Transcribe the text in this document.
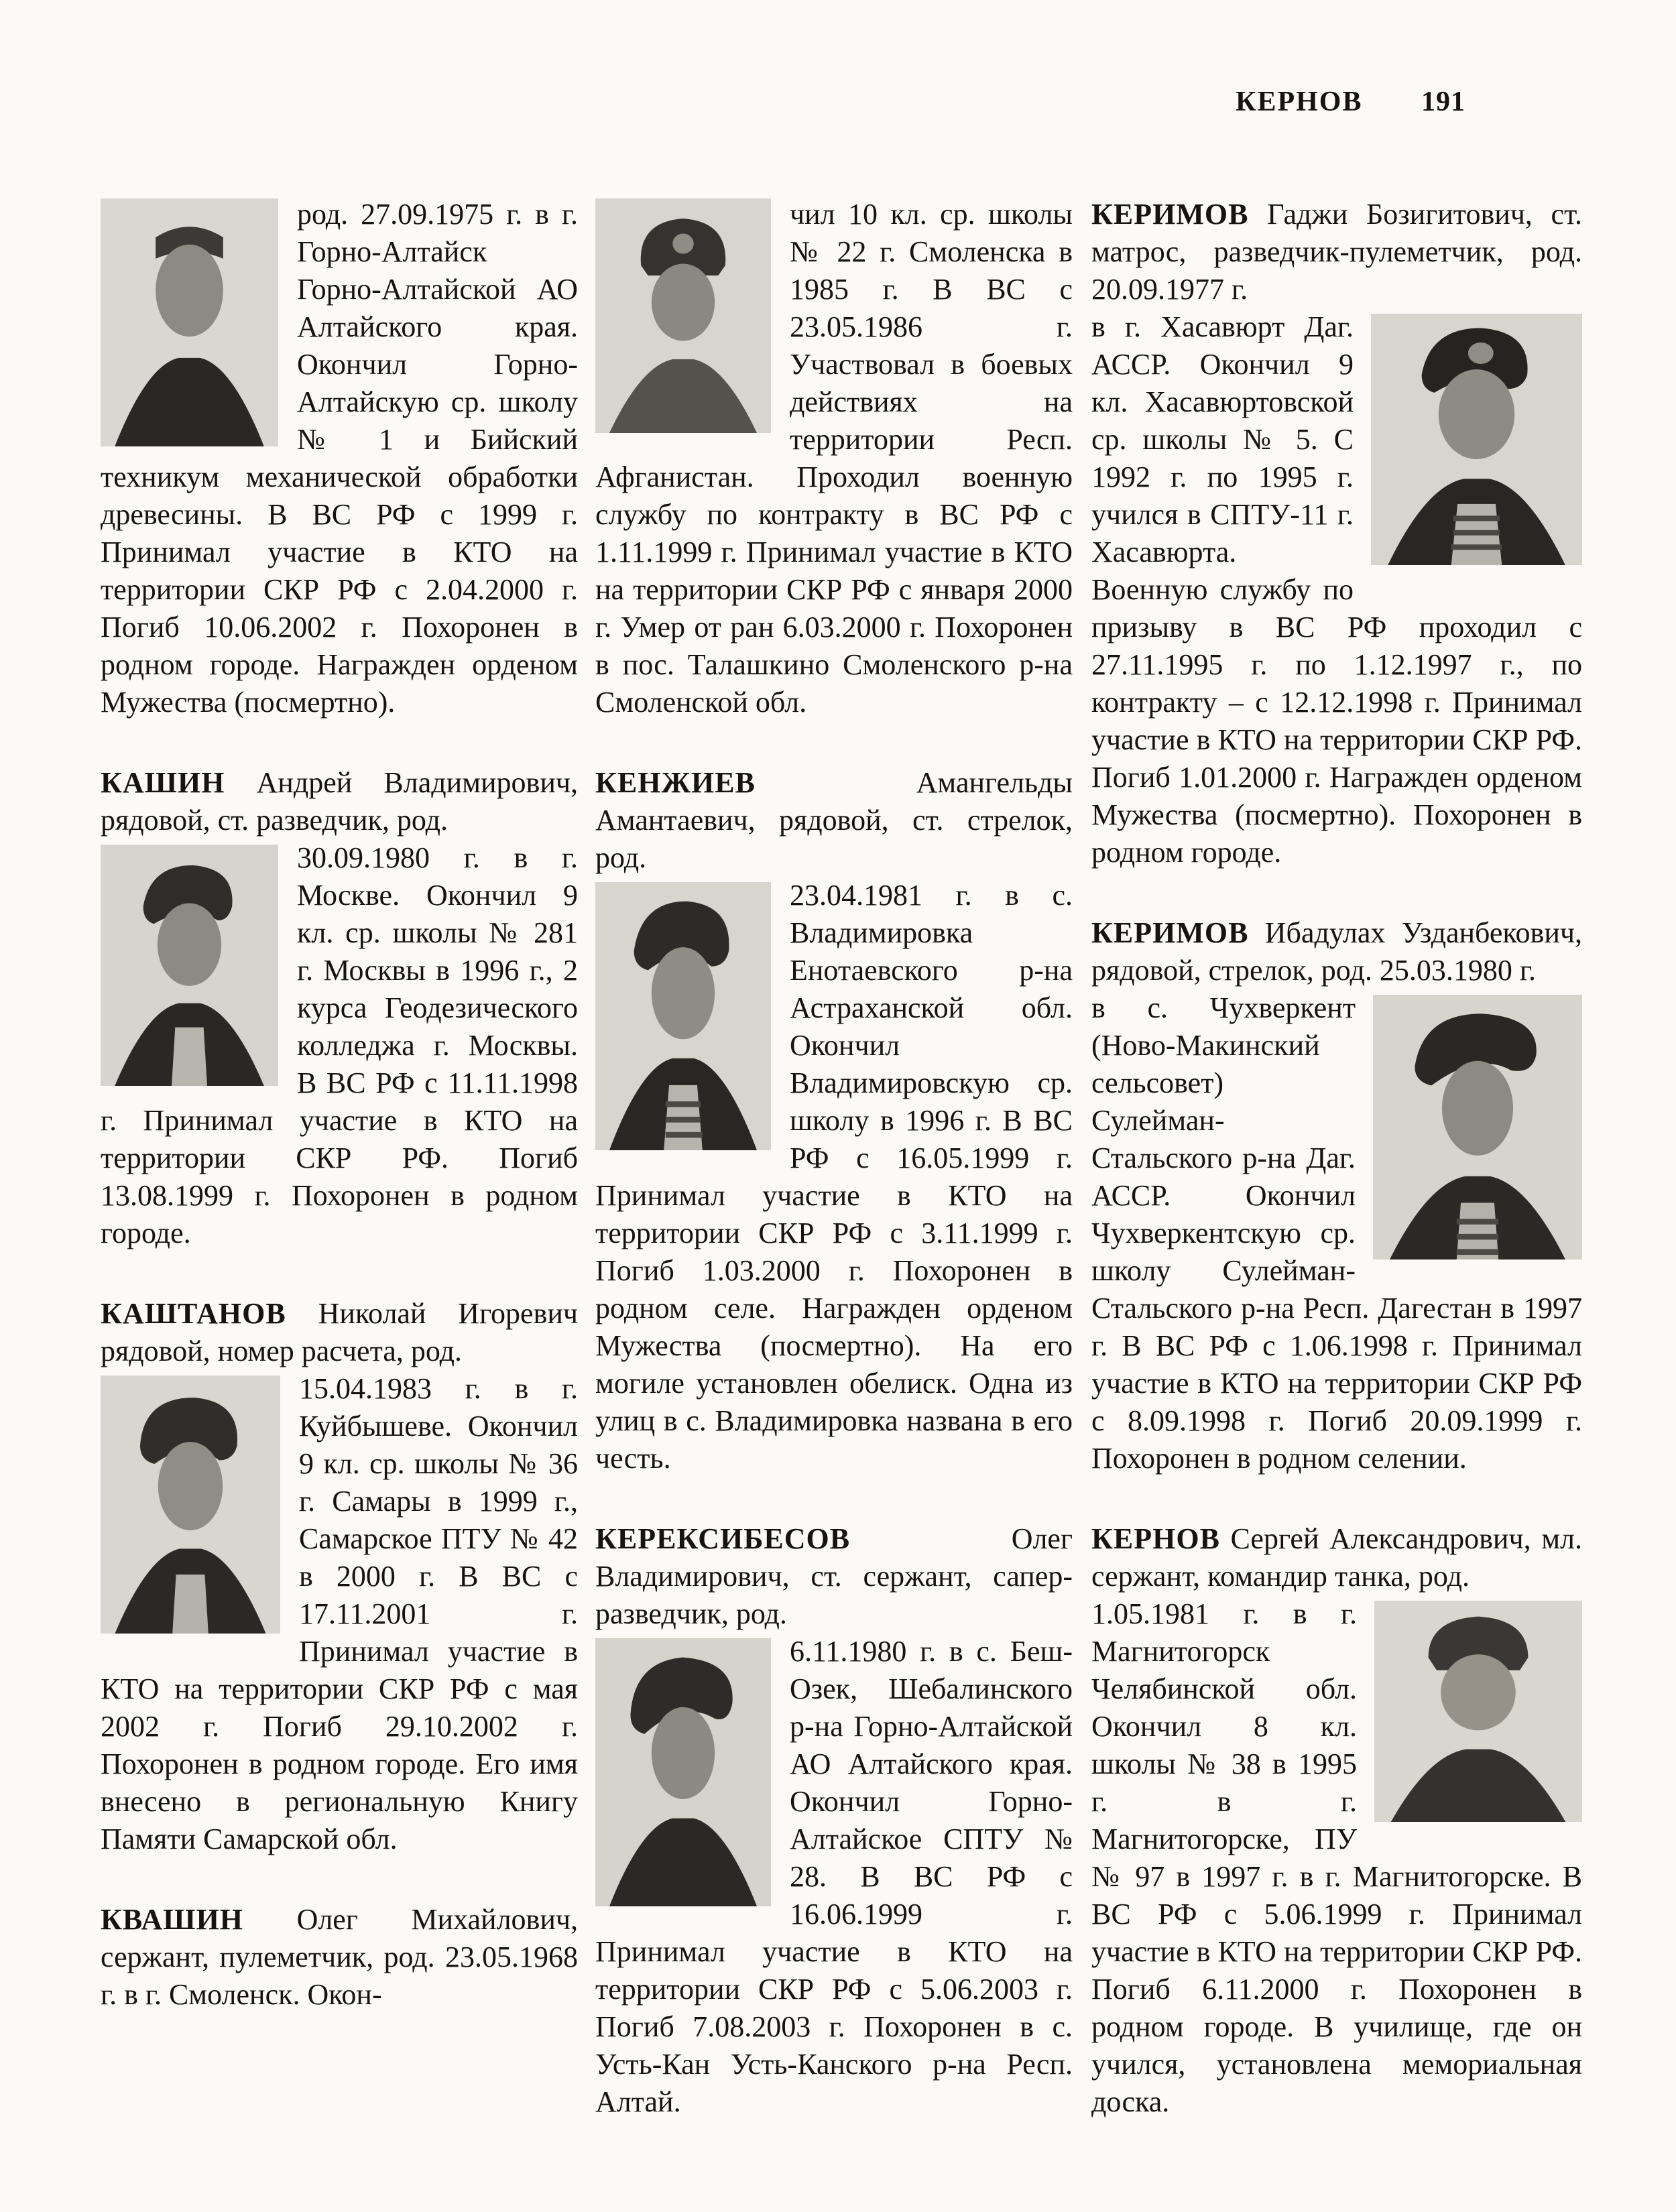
КЕРНОВ 191

род. 27.09.1975 г. в г. Горно-Алтайск Горно-Алтайской АО Алтайского края. Окончил Горно-Алтайскую ср. школу № 1 и Бийский техникум механической обработки древесины. В ВС РФ с 1999 г. Принимал участие в КТО на территории СКР РФ с 2.04.2000 г. Погиб 10.06.2002 г. Похоронен в родном городе. Награжден орденом Мужества (посмертно).

КАШИН Андрей Владимирович, рядовой, ст. разведчик, род.

30.09.1980 г. в г. Москве. Окончил 9 кл. ср. школы № 281 г. Москвы в 1996 г., 2 курса Геодезического колледжа г. Москвы. В ВС РФ с 11.11.1998 г. Принимал участие в КТО на территории СКР РФ. Погиб 13.08.1999 г. Похоронен в родном городе.

КАШТАНОВ Николай Игоревич рядовой, номер расчета, род.

15.04.1983 г. в г. Куйбышеве. Окончил 9 кл. ср. школы № 36 г. Самары в 1999 г., Самарское ПТУ № 42 в 2000 г. В ВС с 17.11.2001 г. Принимал участие в КТО на территории СКР РФ с мая 2002 г. Погиб 29.10.2002 г. Похоронен в родном городе. Его имя внесено в региональную Книгу Памяти Самарской обл.

КВАШИН Олег Михайлович, сержант, пулеметчик, род. 23.05.1968 г. в г. Смоленск. Окон-

чил 10 кл. ср. школы № 22 г. Смоленска в 1985 г. В ВС с 23.05.1986 г. Участвовал в боевых действиях на территории Респ. Афганистан. Проходил военную службу по контракту в ВС РФ с 1.11.1999 г. Принимал участие в КТО на территории СКР РФ с января 2000 г. Умер от ран 6.03.2000 г. Похоронен в пос. Талашкино Смоленского р-на Смоленской обл.

КЕНЖИЕВ	Амангельды Амантаевич, рядовой, ст. стрелок, род.

23.04.1981 г. в с. Владимировка Енотаевского р-на Астраханской обл. Окончил Владимировскую ср. школу в 1996 г. В ВС РФ с 16.05.1999 г. Принимал участие в КТО на территории СКР РФ с 3.11.1999 г. Погиб 1.03.2000 г. Похоронен в родном селе. Награжден орденом Мужества (посмертно). На его могиле установлен обелиск. Одна из улиц в с. Владимировка названа в его честь.

КЕРЕКСИБЕСОВ	Олег Владимирович, ст. сержант, сапер-разведчик, род.

6.11.1980 г. в с. Беш-Озек, Шебалинского р-на Горно-Алтайской АО Алтайского края. Окончил Горно-Алтайское СПТУ № 28. В ВС РФ с 16.06.1999 г. Принимал участие в КТО на территории СКР РФ с 5.06.2003 г. Погиб 7.08.2003 г. Похоронен в с. Усть-Кан Усть-Канского р-на Респ. Алтай.

КЕРИМОВ Гаджи Бозигитович, ст. матрос, разведчик-пулеметчик, род. 20.09.1977 г.

в г. Хасавюрт Даг. АССР. Окончил 9 кл. Хасавюртовской ср. школы № 5. С 1992 г. по 1995 г. учился в СПТУ-11 г. Хасавюрта. Военную службу по призыву в ВС РФ проходил с 27.11.1995 г. по 1.12.1997 г., по контракту – с 12.12.1998 г. Принимал участие в КТО на территории СКР РФ. Погиб 1.01.2000 г. Награжден орденом Мужества (посмертно). Похоронен в родном городе.

КЕРИМОВ Ибадулах Узданбекович, рядовой, стрелок, род. 25.03.1980 г.

в с. Чухверкент (Ново-Макинский сельсовет) Сулейман-Стальского р-на Даг. АССР. Окончил Чухверкентскую ср. школу Сулейман-Стальского р-на Респ. Дагестан в 1997 г. В ВС РФ с 1.06.1998 г. Принимал участие в КТО на территории СКР РФ с 8.09.1998 г. Погиб 20.09.1999 г. Похоронен в родном селении.

КЕРНОВ Сергей Александрович, мл. сержант, командир танка, род.

1.05.1981 г. в г. Магнитогорск Челябинской обл. Окончил 8 кл. школы № 38 в 1995 г. в г. Магнитогорске, ПУ № 97 в 1997 г. в г. Магнитогорске. В ВС РФ с 5.06.1999 г. Принимал участие в КТО на территории СКР РФ. Погиб 6.11.2000 г. Похоронен в родном городе. В училище, где он учился, установлена мемориальная доска.
